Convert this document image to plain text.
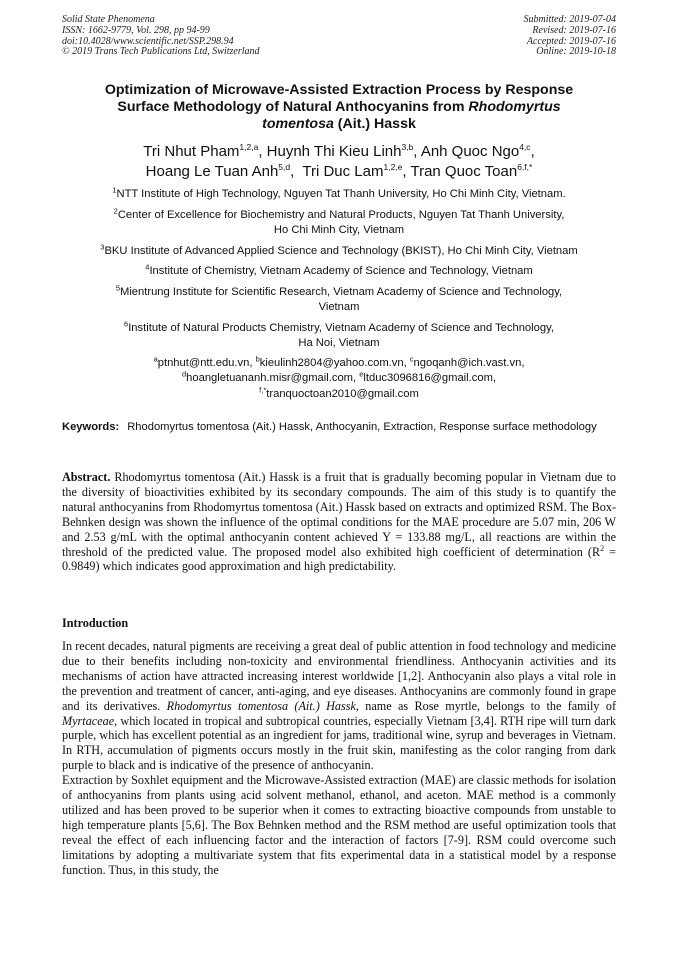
Solid State Phenomena
ISSN: 1662-9779, Vol. 298, pp 94-99
doi:10.4028/www.scientific.net/SSP.298.94
© 2019 Trans Tech Publications Ltd, Switzerland
Submitted: 2019-07-04
Revised: 2019-07-16
Accepted: 2019-07-16
Online: 2019-10-18
Optimization of Microwave-Assisted Extraction Process by Response
Surface Methodology of Natural Anthocyanins from Rhodomyrtus
tomentosa (Ait.) Hassk
Tri Nhut Pham$^{1,2,a}$, Huynh Thi Kieu Linh$^{3,b}$, Anh Quoc Ngo$^{4,c}$,
Hoang Le Tuan Anh$^{5,d}$,  Tri Duc Lam$^{1,2,e}$, Tran Quoc Toan$^{6,f,*}$
$^1$NTT Institute of High Technology, Nguyen Tat Thanh University, Ho Chi Minh City, Vietnam.
$^2$Center of Excellence for Biochemistry and Natural Products, Nguyen Tat Thanh University,
Ho Chi Minh City, Vietnam
$^3$BKU Institute of Advanced Applied Science and Technology (BKIST), Ho Chi Minh City, Vietnam
$^4$Institute of Chemistry, Vietnam Academy of Science and Technology, Vietnam
$^5$Mientrung Institute for Scientific Research, Vietnam Academy of Science and Technology,
Vietnam
$^6$Institute of Natural Products Chemistry, Vietnam Academy of Science and Technology,
Ha Noi, Vietnam
$^a$ptnhut@ntt.edu.vn, $^b$kieulinh2804@yahoo.com.vn, $^c$ngoqanh@ich.vast.vn,
$^d$hoangletuananh.misr@gmail.com, $^e$ltduc3096816@gmail.com,
$^{f,*}$tranquoctoan2010@gmail.com
Keywords: Rhodomyrtus tomentosa (Ait.) Hassk, Anthocyanin, Extraction, Response surface methodology

Abstract. Rhodomyrtus tomentosa (Ait.) Hassk is a fruit that is gradually becoming popular in Vietnam due to the diversity of bioactivities exhibited by its secondary compounds. The aim of this study is to quantify the natural anthocyanins from Rhodomyrtus tomentosa (Ait.) Hassk based on extracts and optimized RSM. The Box-Behnken design was shown the influence of the optimal conditions for the MAE procedure are 5.07 min, 206 W and 2.53 g/mL with the optimal anthocyanin content achieved Y = 133.88 mg/L, all reactions are within the threshold of the predicted value. The proposed model also exhibited high coefficient of determination $(R^2 = 0.9849)$ which indicates good approximation and high predictability.

Introduction

In recent decades, natural pigments are receiving a great deal of public attention in food technology and medicine due to their benefits including non-toxicity and environmental friendliness. Anthocyanin activities and its mechanisms of action have attracted increasing interest worldwide [1,2]. Anthocyanin also plays a vital role in the prevention and treatment of cancer, anti-aging, and eye diseases. Anthocyanins are commonly found in grape and its derivatives. Rhodomyrtus tomentosa (Ait.) Hassk, name as Rose myrtle, belongs to the family of Myrtaceae, which located in tropical and subtropical countries, especially Vietnam [3,4]. RTH ripe will turn dark purple, which has excellent potential as an ingredient for jams, traditional wine, syrup and beverages in Vietnam. In RTH, accumulation of pigments occurs mostly in the fruit skin, manifesting as the color ranging from dark purple to black and is indicative of the presence of anthocyanin.

Extraction by Soxhlet equipment and the Microwave-Assisted extraction (MAE) are classic methods for isolation of anthocyanins from plants using acid solvent methanol, ethanol, and aceton. MAE method is a commonly utilized and has been proved to be superior when it comes to extracting bioactive compounds from unstable to high temperature plants [5,6]. The Box Behnken method and the RSM method are useful optimization tools that reveal the effect of each influencing factor and the interaction of factors [7-9]. RSM could overcome such limitations by adopting a multivariate system that fits experimental data in a statistical model by a response function. Thus, in this study, the
